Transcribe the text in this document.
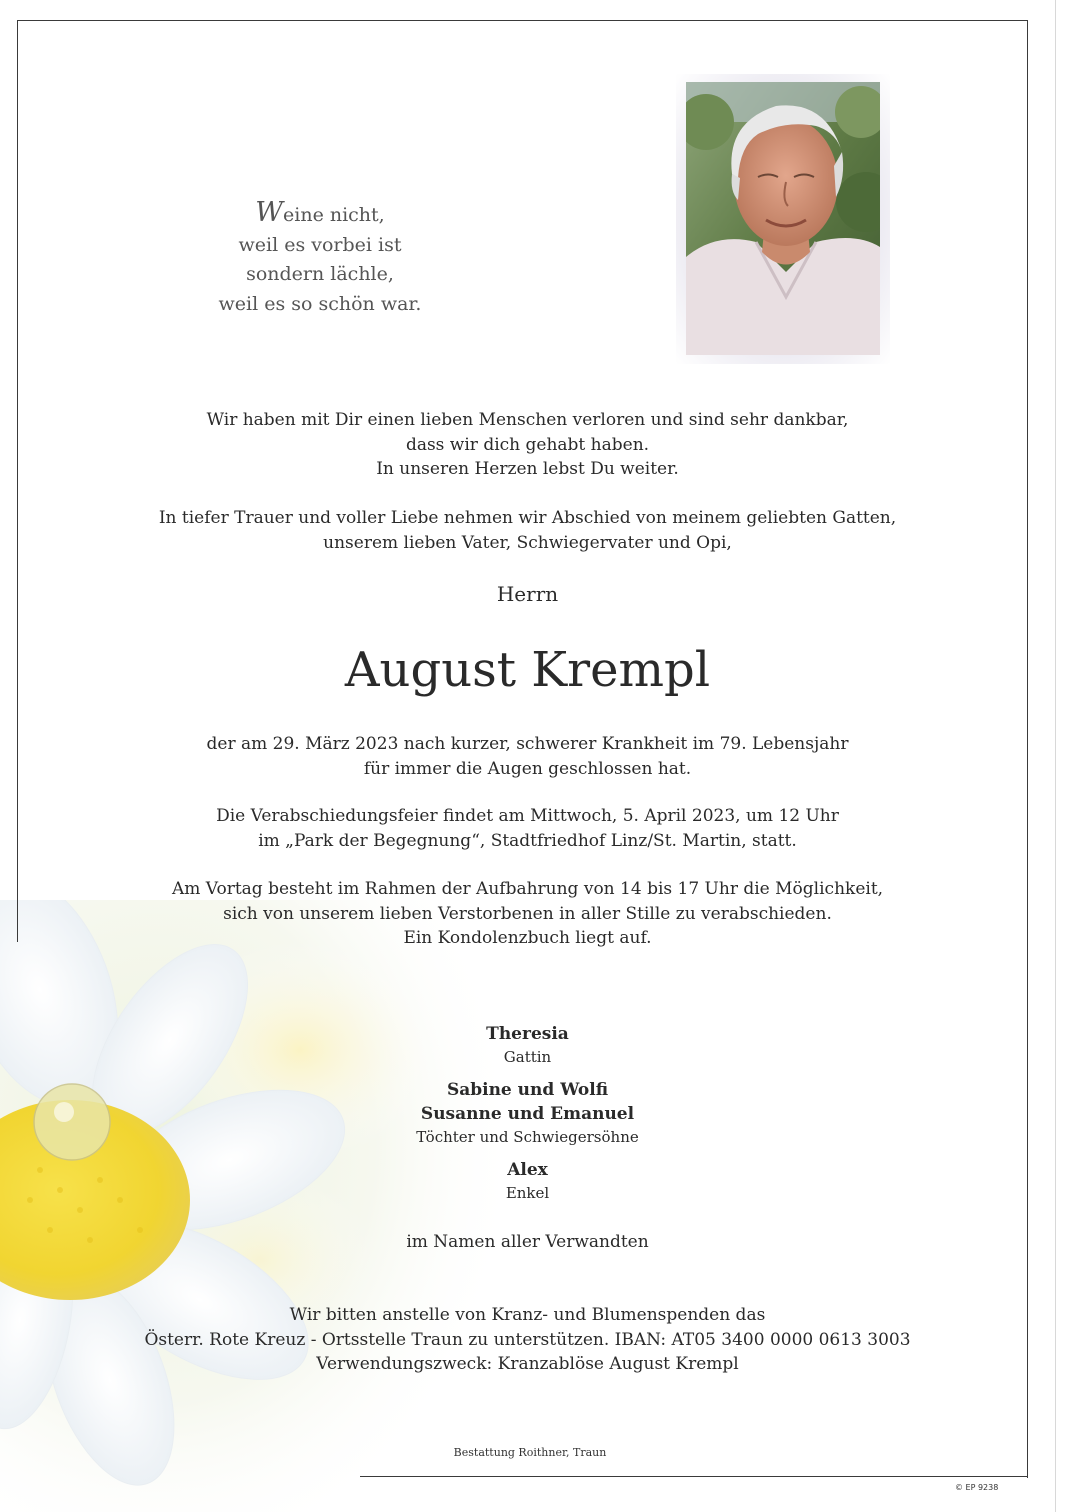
Weine nicht,
weil es vorbei ist
sondern lächle,
weil es so schön war.
Wir haben mit Dir einen lieben Menschen verloren und sind sehr dankbar,
dass wir dich gehabt haben.
In unseren Herzen lebst Du weiter.
In tiefer Trauer und voller Liebe nehmen wir Abschied von meinem geliebten Gatten,
unserem lieben Vater, Schwiegervater und Opi,
Herrn
August Krempl
der am 29. März 2023 nach kurzer, schwerer Krankheit im 79. Lebensjahr
für immer die Augen geschlossen hat.
Die Verabschiedungsfeier findet am Mittwoch, 5. April 2023, um 12 Uhr
im „Park der Begegnung“, Stadtfriedhof Linz/St. Martin, statt.
Am Vortag besteht im Rahmen der Aufbahrung von 14 bis 17 Uhr die Möglichkeit,
sich von unserem lieben Verstorbenen in aller Stille zu verabschieden.
Ein Kondolenzbuch liegt auf.
Theresia
Gattin
Sabine und Wolfi
Susanne und Emanuel
Töchter und Schwiegersöhne
Alex
Enkel
im Namen aller Verwandten
Wir bitten anstelle von Kranz- und Blumenspenden das
Österr. Rote Kreuz - Ortsstelle Traun zu unterstützen. IBAN: AT05 3400 0000 0613 3003
Verwendungszweck: Kranzablöse August Krempl
Bestattung Roithner, Traun
© EP 9238
